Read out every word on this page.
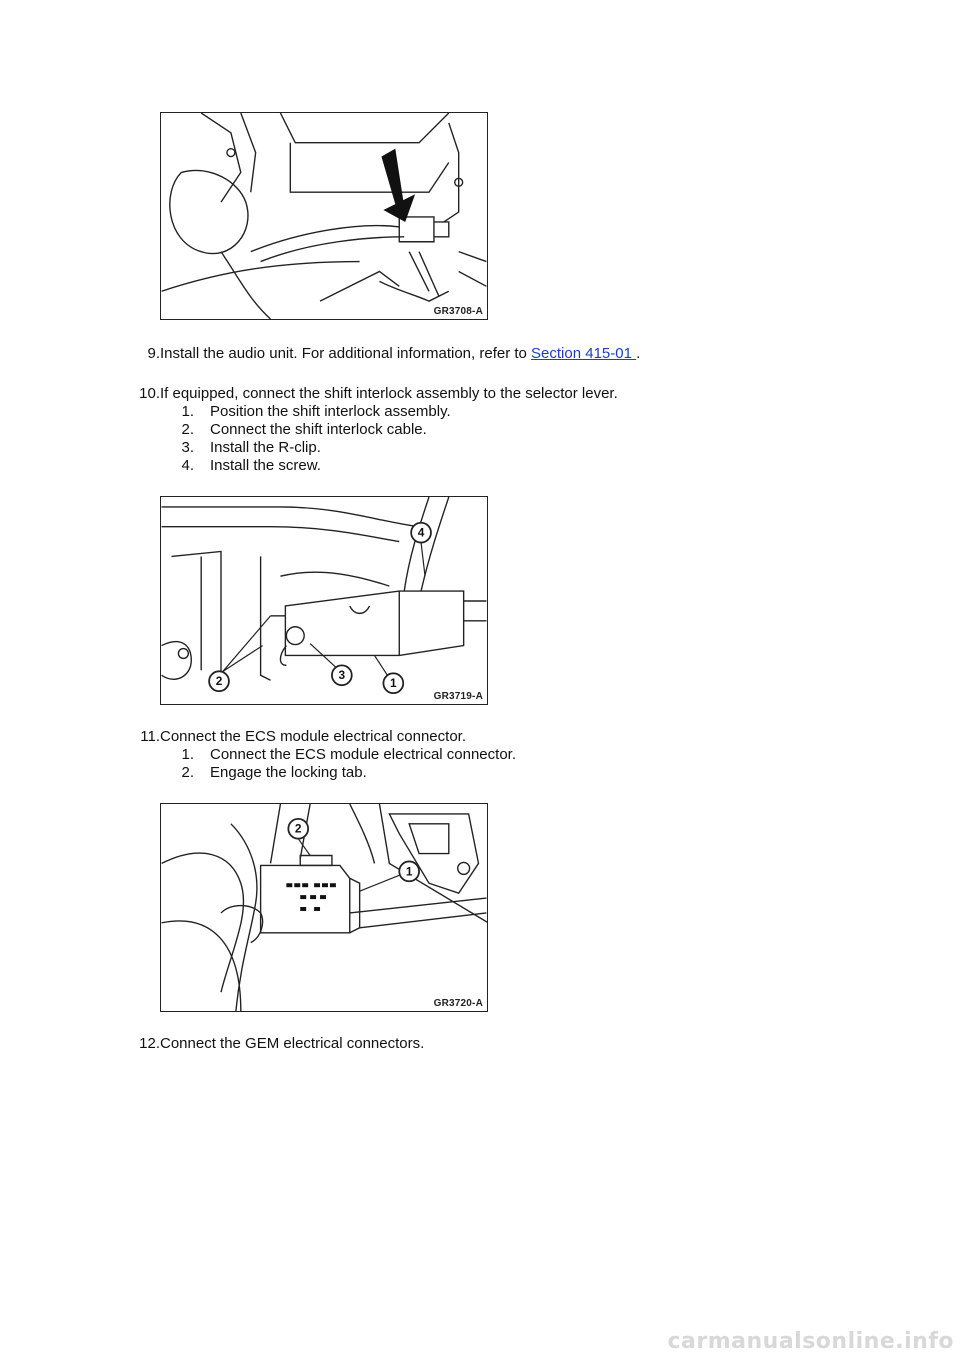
GR3708-A
9. Install the audio unit. For additional information, refer to Section 415-01 .
10. If equipped, connect the shift interlock assembly to the selector lever.
1. Position the shift interlock assembly.
2. Connect the shift interlock cable.
3. Install the R-clip.
4. Install the screw.
4
2	3
1
GR3719-A
11. Connect the ECS module electrical connector.
1. Connect the ECS module electrical connector.
2. Engage the locking tab.
2
1
GR3720-A
12. Connect the GEM electrical connectors.
carmanualsonline.info
